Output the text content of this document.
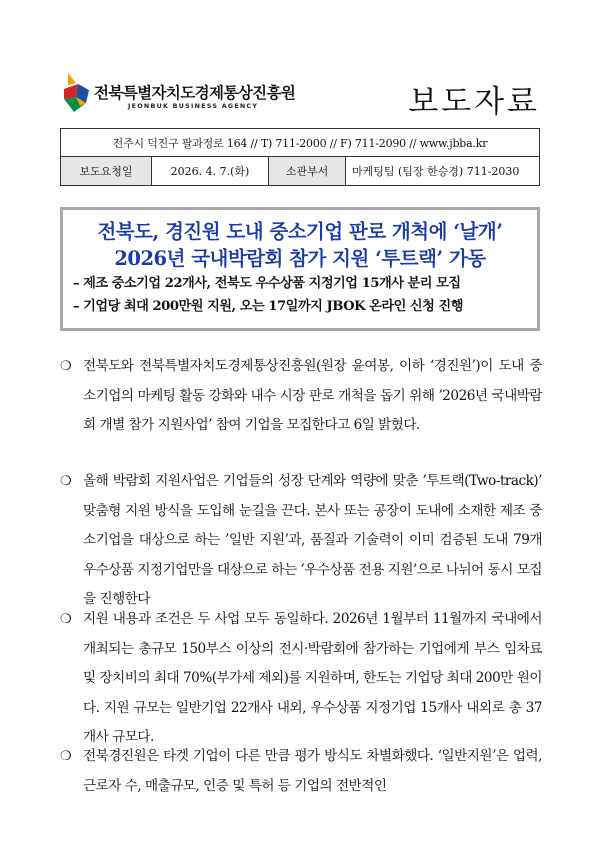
전북특별자치도경제통상진흥원
JEONBUK BUSINESS AGENCY	보도자료
전주시 덕진구 팔과정로 164 // T) 711-2000 // F) 711-2090 // www.jbba.kr
보도요청일	2026. 4. 7.(화)	소관부서	마케팅팀 (팀장 한승경) 711-2030
전북도, 경진원 도내 중소기업 판로 개척에 ‘날개’
2026년 국내박람회 참가 지원 ‘투트랙’ 가동
– 제조 중소기업 22개사, 전북도 우수상품 지정기업 15개사 분리 모집
– 기업당 최대 200만원 지원, 오는 17일까지 JBOK 온라인 신청 진행
❍ 전북도와 전북특별자치도경제통상진흥원(원장 윤여봉, 이하 ‘경진원’)이 도내 중소기업의 마케팅 활동 강화와 내수 시장 판로 개척을 돕기 위해 ’2026년 국내박람회 개별 참가 지원사업’ 참여 기업을 모집한다고 6일 밝혔다.
❍ 올해 박람회 지원사업은 기업들의 성장 단계와 역량에 맞춘 ’투트랙(Two-track)’ 맞춤형 지원 방식을 도입해 눈길을 끈다. 본사 또는 공장이 도내에 소재한 제조 중소기업을 대상으로 하는 ’일반 지원’과, 품질과 기술력이 이미 검증된 도내 79개 우수상품 지정기업만을 대상으로 하는 ’우수상품 전용 지원’으로 나뉘어 동시 모집을 진행한다
❍ 지원 내용과 조건은 두 사업 모두 동일하다. 2026년 1월부터 11월까지 국내에서 개최되는 총규모 150부스 이상의 전시·박람회에 참가하는 기업에게 부스 임차료 및 장치비의 최대 70%(부가세 제외)를 지원하며, 한도는 기업당 최대 200만 원이다. 지원 규모는 일반기업 22개사 내외, 우수상품 지정기업 15개사 내외로 총 37개사 규모다.
❍ 전북경진원은 타겟 기업이 다른 만큼 평가 방식도 차별화했다. ‘일반지원’은 업력, 근로자 수, 매출규모, 인증 및 특허 등 기업의 전반적인
